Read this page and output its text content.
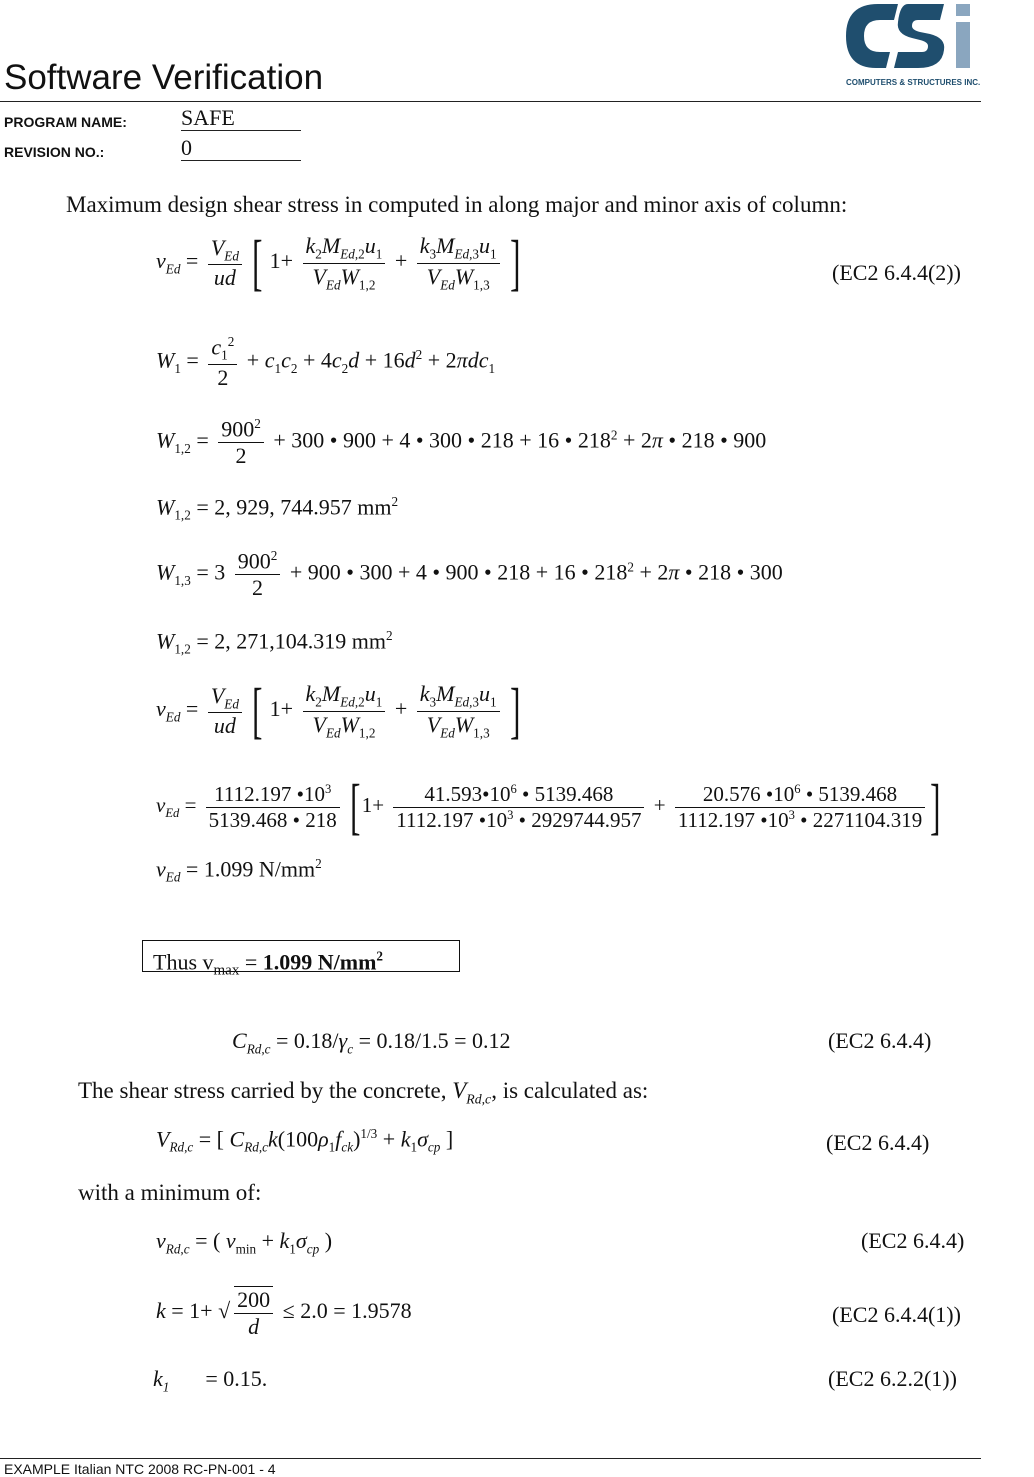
COMPUTERS & STRUCTURES INC.
Software Verification
PROGRAM NAME: SAFE
REVISION NO.:	0
Maximum design shear stress in computed in along major and minor axis of column:
$v_{Ed} = \frac{V_{Ed}}{ud}$ [ $1+ \frac{k_2M_{Ed,2}u_1}{V_{Ed}W_{1,2}} + \frac{k_3M_{Ed,3}u_1}{V_{Ed}W_{1,3}}$ ]	(EC2 6.4.4(2))
$W_1 = \frac{c_1^2}{2} + c_1c_2 + 4c_2d + 16d^2 + 2\pi dc_1$
$W_{1,2} = \frac{900^2}{2} + 300$ • 900 + 4 • 300 • 218 + 16 • $218^2 + 2\pi$ • 218 • 900
$W_{1,2} = 2$, 929, 744.957 $mm^2$
$W_{1,3} = 3 \frac{900^2}{2} + 900$ • 300 + 4 • 900 • 218 + 16 • $218^2 + 2\pi$ • 218 • 300
$W_{1,2} = 2$, 271,104.319 $mm^2$
$v_{Ed} = \frac{V_{Ed}}{ud}$ [ $1+ \frac{k_2M_{Ed,2}u_1}{V_{Ed}W_{1,2}} + \frac{k_3M_{Ed,3}u_1}{V_{Ed}W_{1,3}}$ ]
$v_{Ed} = \frac{1112.197 •10^3}{5139.468 • 218} [1+ \frac{41.593•10^6 • 5139.468}{1112.197 •10^3 • 2929744.957} + \frac{20.576 •10^6 • 5139.468}{1112.197 •10^3 • 2271104.319}$ ]
$v_{Ed} = 1.099$ $N/mm^2$
Thus $v_{max} = 1.099$ $N/mm^2$
$C_{Rd,c} = 0.18/\gamma_c = 0.18/1.5 = 0.12$	(EC2 6.4.4)
The shear stress carried by the concrete, $V_{Rd,c}$, is calculated as:
$V_{Rd,c}$ = [ $C_{Rd,c}k(100\rho_1f_{ck})^{1/3} + k_1\sigma_{cp}$ ]	(EC2 6.4.4)
with a minimum of:
$v_{Rd,c}$ = ( $v_{min} + k_1\sigma_{cp}$ )	(EC2 6.4.4)
k = 1+ √ $\frac{200}{d} \le 2.0 = 1.9578$	(EC2 6.4.4(1))
$k_1 = 0.15$.	(EC2 6.2.2(1))
EXAMPLE Italian NTC 2008 RC-PN-001 - 4
